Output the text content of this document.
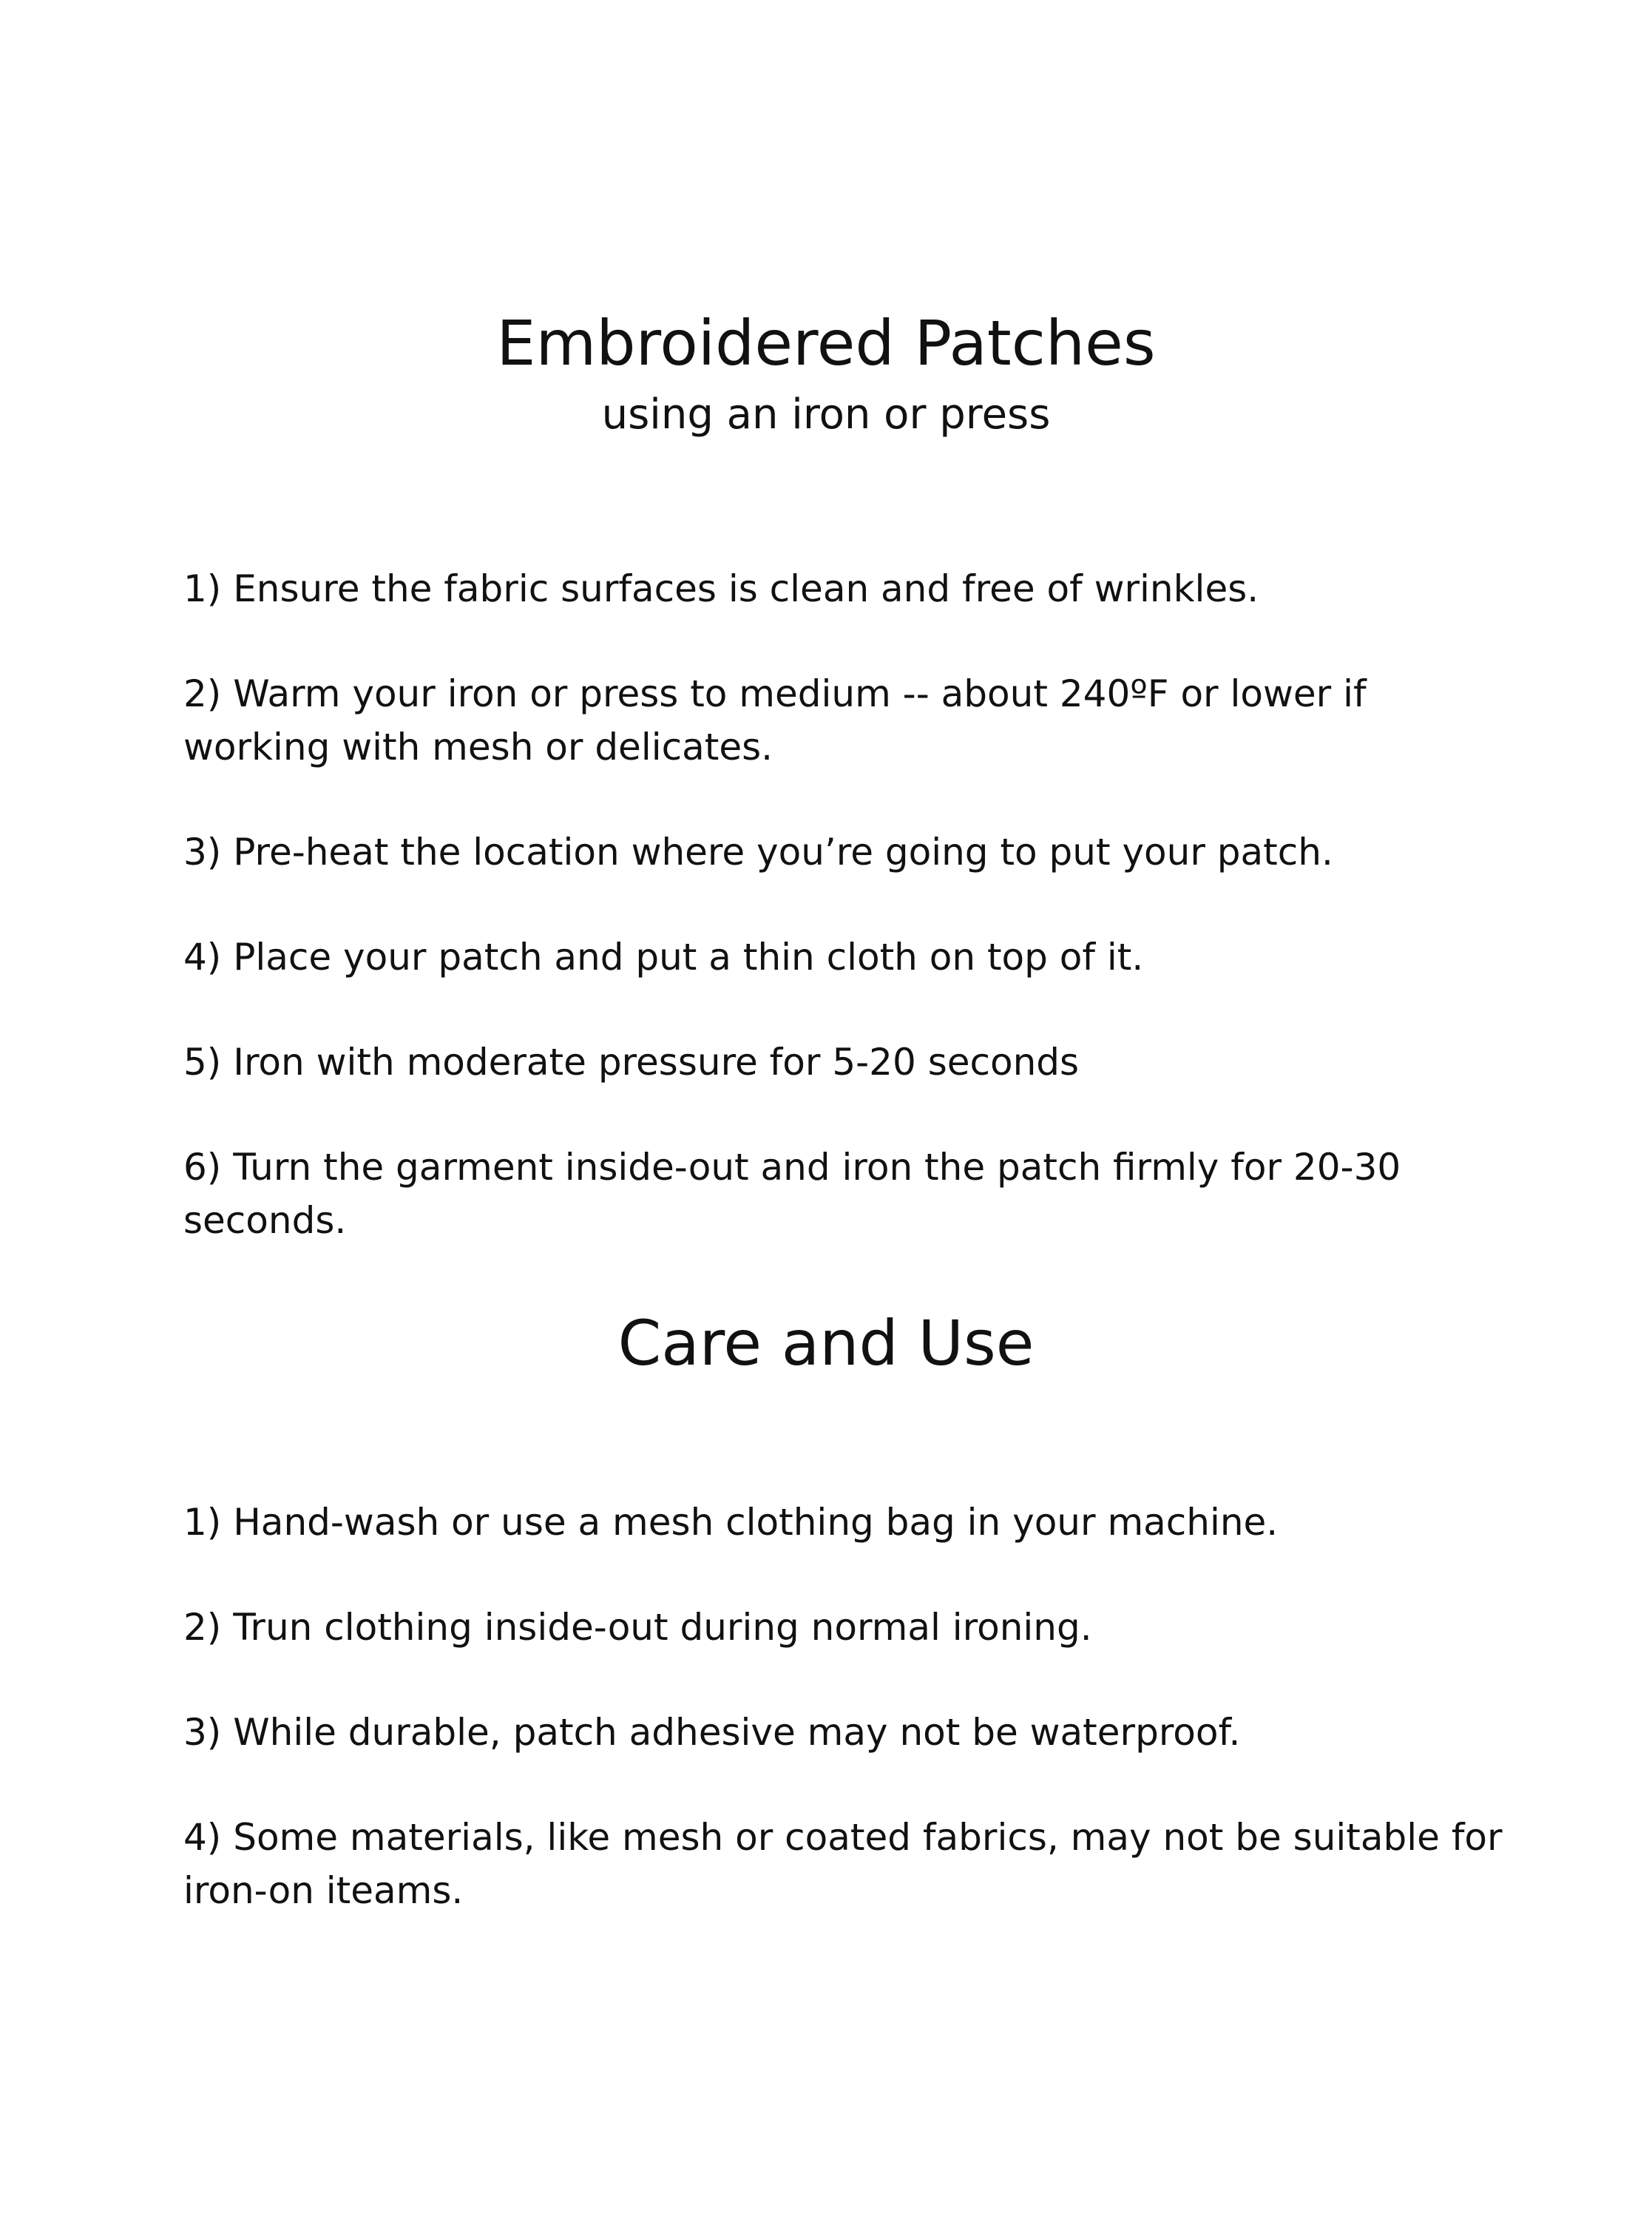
Embroidered Patches
using an iron or press
1) Ensure the fabric surfaces is clean and free of wrinkles.
2) Warm your iron or press to medium -- about 240ºF or lower if working with mesh or delicates.
3) Pre-heat the location where you’re going to put your patch.
4) Place your patch and put a thin cloth on top of it.
5) Iron with moderate pressure for 5-20 seconds
6) Turn the garment inside-out and iron the patch firmly for 20-30 seconds.
Care and Use
1) Hand-wash or use a mesh clothing bag in your machine.
2) Trun clothing inside-out during normal ironing.
3) While durable, patch adhesive may not be waterproof.
4) Some materials, like mesh or coated fabrics, may not be suitable for iron-on iteams.
